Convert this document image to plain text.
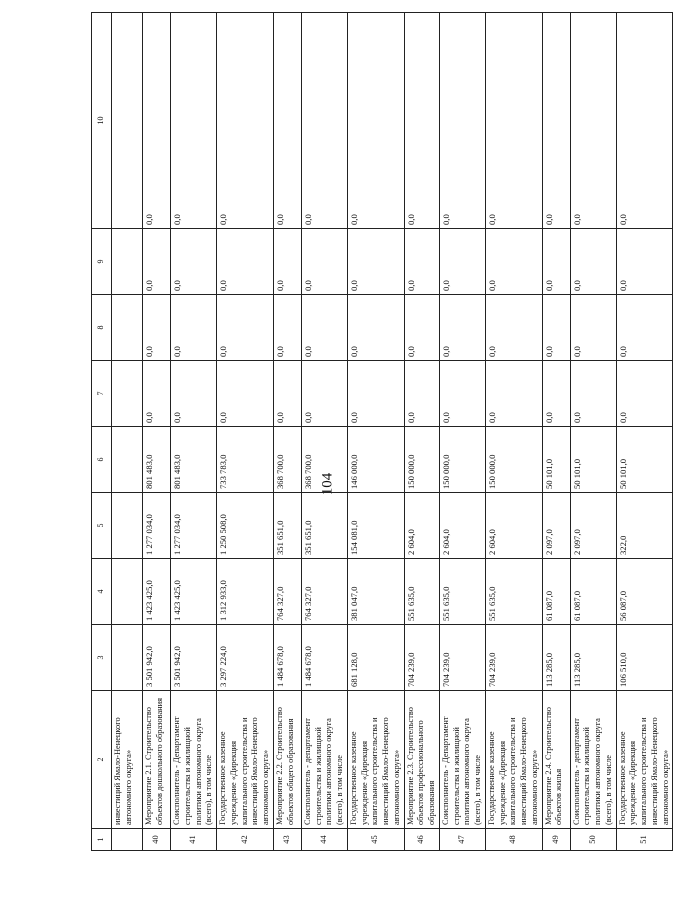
104
1	2	3	4	5	6	7	8	9	10
	инвестиций Ямало-Ненецкого автономного округа»								
40	Мероприятие 2.1. Строительство объектов дошкольного образования	3 501 942,0	1 423 425,0	1 277 034,0	801 483,0	0,0	0,0	0,0	0,0
41	Соисполнитель - Департамент строительства и жилищной политики автономного округа (всего), в том числе	3 501 942,0	1 423 425,0	1 277 034,0	801 483,0	0,0	0,0	0,0	0,0
42	Государственное казенное учреждение «Дирекция капитального строительства и инвестиций Ямало-Ненецкого автономного округа»	3 297 224,0	1 312 933,0	1 250 508,0	733 783,0	0,0	0,0	0,0	0,0
43	Мероприятие 2.2. Строительство объектов общего образования	1 484 678,0	764 327,0	351 651,0	368 700,0	0,0	0,0	0,0	0,0
44	Соисполнитель - департамент строительства и жилищной политики автономного округа (всего), в том числе	1 484 678,0	764 327,0	351 651,0	368 700,0	0,0	0,0	0,0	0,0
45	Государственное казенное учреждение «Дирекция капитального строительства и инвестиций Ямало-Ненецкого автономного округа»	681 128,0	381 047,0	154 081,0	146 000,0	0,0	0,0	0,0	0,0
46	Мероприятие 2.3. Строительство объектов профессионального образования	704 239,0	551 635,0	2 604,0	150 000,0	0,0	0,0	0,0	0,0
47	Соисполнитель - Департамент строительства и жилищной политики автономного округа (всего), в том числе	704 239,0	551 635,0	2 604,0	150 000,0	0,0	0,0	0,0	0,0
48	Государственное казенное учреждение «Дирекция капитального строительства и инвестиций Ямало-Ненецкого автономного округа»	704 239,0	551 635,0	2 604,0	150 000,0	0,0	0,0	0,0	0,0
49	Мероприятие 2.4. Строительство объектов жилья	113 285,0	61 087,0	2 097,0	50 101,0	0,0	0,0	0,0	0,0
50	Соисполнитель - департамент строительства и жилищной политики автономного округа (всего), в том числе	113 285,0	61 087,0	2 097,0	50 101,0	0,0	0,0	0,0	0,0
51	Государственное казенное учреждение «Дирекция капитального строительства и инвестиций Ямало-Ненецкого автономного округа»	106 510,0	56 087,0	322,0	50 101,0	0,0	0,0	0,0	0,0
